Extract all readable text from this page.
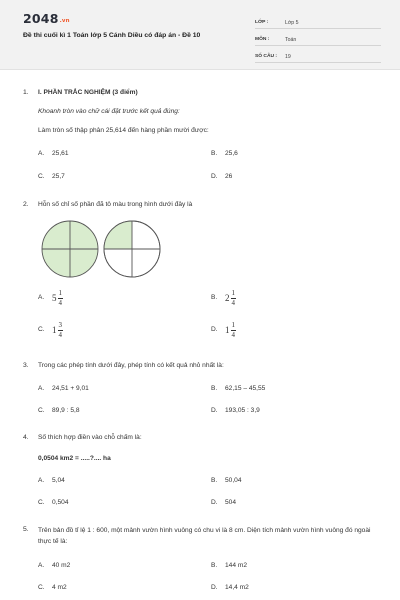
2048.vn
Đề thi cuối kì 1 Toán lớp 5 Cánh Diều có đáp án - Đề 10
LỚP :	Lớp 5
MÔN :	Toán
SỐ CÂU :	19
1.	I. PHẦN TRẮC NGHIỆM (3 điểm)
Khoanh tròn vào chữ cái đặt trước kết quả đúng:
Làm tròn số thập phân 25,614 đến hàng phần mười được:
A.	25,61	B.	25,6
C.	25,7	D.	26
2.	Hỗn số chỉ số phần đã tô màu trong hình dưới đây là
A. $5 \frac{1}{4}$	B. $2 \frac{1}{4}$
C. $1 \frac{3}{4}$	D. $1 \frac{1}{4}$
3.	Trong các phép tính dưới đây, phép tính có kết quả nhỏ nhất là:
A.	24,51 + 9,01	B.	62,15 – 45,55
C.	89,9 : 5,8	D.	193,05 : 3,9
4.	Số thích hợp điền vào chỗ chấm là:
0,0504 km2 = .....?.... ha
A.	5,04	B.	50,04
C.	0,504	D.	504
5.	Trên bản đồ tỉ lệ 1 : 600, một mảnh vườn hình vuông có chu vi là 8 cm. Diện tích mảnh vườn hình vuông đó ngoài thực tế là:
A.	40 m2	B.	144 m2
C.	4 m2	D.	14,4 m2
